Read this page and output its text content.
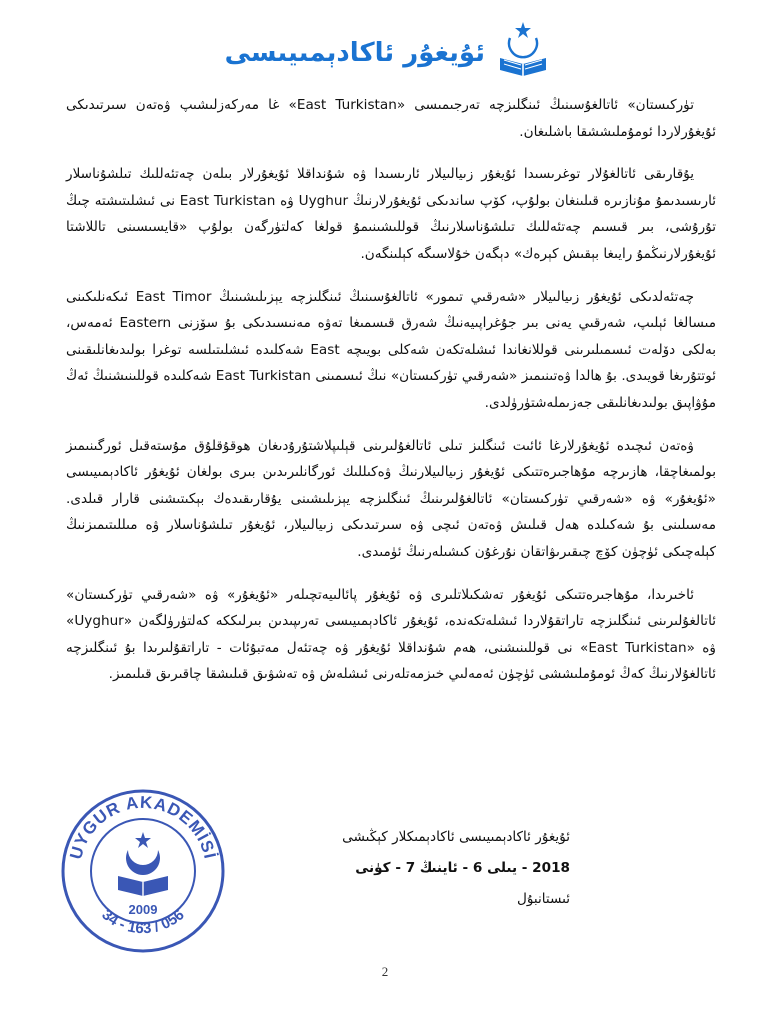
ئۇيغۇر ئاكادېمىيىسى

تۈركىستان» ئاتالغۇسىنىڭ ئىنگلىزچە تەرجىمىسى «East Turkistan» غا مەركەزلىشىپ ۋەتەن سىرتىدىكى ئۇيغۇرلاردا ئومۇملىششقا باشلىغان.

يۇقارىقى ئاتالغۇلار توغرىسىدا ئۇيغۇر زىيالىيلار ئارىسىدا ۋە شۇنداقلا ئۇيغۇرلار بىلەن چەتئەللىك تىلشۇناسلار ئارىسىدىمۇ مۇنازىرە قىلىنغان بولۇپ، كۆپ ساندىكى ئۇيغۇرلارنىڭ Uyghur ۋە East Turkistan نى ئىشلىتىشتە چىڭ تۇرۇشى، بىر قىسىم چەتئەللىك تىلشۇناسلارنىڭ قوللىشىنىمۇ قولغا كەلتۈرگەن بولۇپ «قايسىسىنى تاللاشتا ئۇيغۇرلارنىڭمۇ رايىغا بېقىش كېرەك» دېگەن خۇلاسىگە كېلىنگەن.

چەتئەلدىكى ئۇيغۇر زىيالىيلار «شەرقىي تىمور» ئاتالغۇسىنىڭ ئىنگلىزچە يېزىلىشىنىڭ East Timor ئىكەنلىكىنى مىسالغا ئېلىپ، شەرقىي يەنى بىر جۇغراپىيەنىڭ شەرق قىسمىغا تەۋە مەنىسىدىكى بۇ سۆزنى Eastern ئەمەس، بەلكى دۆلەت ئىسمىلىرىنى قوللانغاندا ئىشلەتكەن شەكلى بويىچە East شەكلىدە ئىشلىتىلسە توغرا بولىدىغانلىقىنى ئوتتۇرىغا قويىدى. بۇ ھالدا ۋەتىنىمىز «شەرقىي تۈركىستان» نىڭ ئىسمىنى East Turkistan شەكلىدە قوللىنىشنىڭ ئەڭ مۇۋاپىق بولىدىغانلىقى جەزىملەشتۈرۈلدى.

ۋەتەن ئىچىدە ئۇيغۇرلارغا ئائىت ئىنگلىز تىلى ئاتالغۇلىرىنى قېلىپلاشتۇرۇدىغان ھوقۇقلۇق مۇستەقىل ئورگىنىمىز بولمىغاچقا، ھازىرچە مۇھاجىرەتتىكى ئۇيغۇر زىيالىيلارنىڭ ۋەكىللىك ئورگانلىرىدىن بىرى بولغان ئۇيغۇر ئاكادېمىيىسى «ئۇيغۇر» ۋە «شەرقىي تۈركىستان» ئاتالغۇلىرىنىڭ ئىنگلىزچە يېزىلىشىنى يۇقارىقىدەك بېكىتىشنى قارار قىلدى. مەسىلىنى بۇ شەكىلدە ھەل قىلىش ۋەتەن ئىچى ۋە سىرتىدىكى زىيالىيلار، ئۇيغۇر تىلشۇناسلار ۋە مىللىتىمىزنىڭ كېلەچىكى ئۈچۈن كۆچ چىقىرىۋاتقان نۇرغۇن كىشىلەرنىڭ ئۈمىدى.

ئاخىرىدا، مۇھاجىرەتتىكى ئۇيغۇر تەشكىلاتلىرى ۋە ئۇيغۇر پائالىيەتچىلەر «ئۇيغۇر» ۋە «شەرقىي تۈركىستان» ئاتالغۇلىرىنى ئىنگلىزچە تاراتقۇلاردا ئىشلەتكەندە، ئۇيغۇر ئاكادېمىيىسى تەرىپىدىن بىرلىككە كەلتۈرۈلگەن «Uyghur» ۋە «East Turkistan» نى قوللىنىشنى، ھەم شۇنداقلا ئۇيغۇر ۋە چەتئەل مەتبۇئات - تاراتقۇلىرىدا بۇ ئىنگلىزچە ئاتالغۇلارنىڭ كەڭ ئومۇملىششى ئۈچۈن ئەمەلىي خىزمەتلەرنى ئىشلەش ۋە تەشۋىق قىلىشقا چاقىرىق قىلىمىز.

UYGUR AKADEMİSİ
34 - 163 / 056
2009
ئۇيغۇر ئاكادېمىيىسى ئاكادېمىكلار كېڭىشى
2018 - يىلى 6 - ئاينىڭ 7 - كۈنى
ئىستانبۇل
2
